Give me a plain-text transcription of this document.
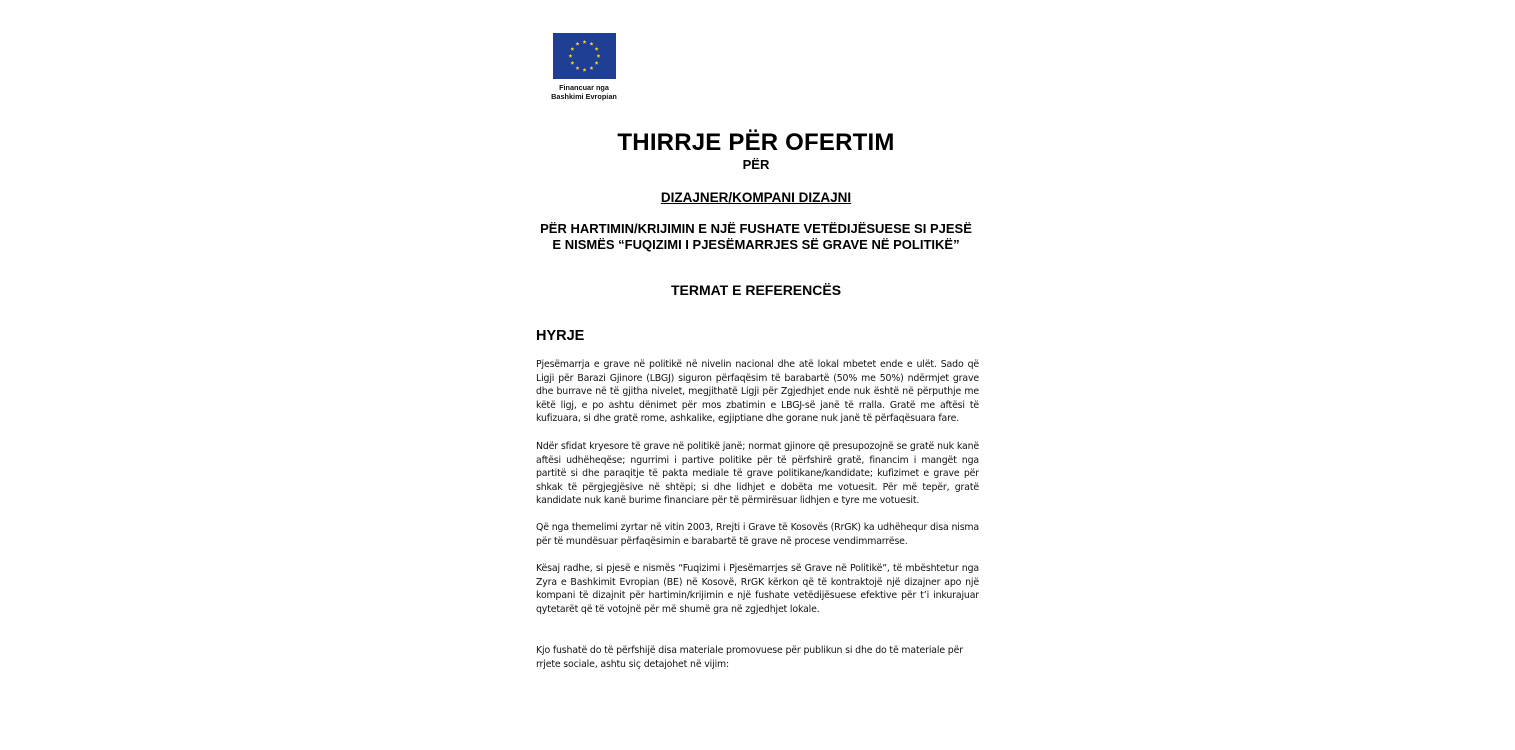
Financuar nga
Bashkimi Evropian
THIRRJE PËR OFERTIM
PËR
DIZAJNER/KOMPANI DIZAJNI
PËR HARTIMIN/KRIJIMIN E NJË FUSHATE VETËDIJËSUESE SI PJESË
E NISMËS “FUQIZIMI I PJESËMARRJES SË GRAVE NË POLITIKË”
TERMAT E REFERENCËS
HYRJE

Pjesëmarrja e grave në politikë në nivelin nacional dhe atë lokal mbetet ende e ulët. Sado që Ligji për Barazi Gjinore (LBGJ) siguron përfaqësim të barabartë (50% me 50%) ndërmjet grave dhe burrave në të gjitha nivelet, megjithatë Ligji për Zgjedhjet ende nuk është në përputhje me këtë ligj, e po ashtu dënimet për mos zbatimin e LBGJ-së janë të rralla. Gratë me aftësi të kufizuara, si dhe gratë rome, ashkalike, egjiptiane dhe gorane nuk janë të përfaqësuara fare.

Ndër sfidat kryesore të grave në politikë janë; normat gjinore që presupozojnë se gratë nuk kanë aftësi udhëheqëse; ngurrimi i partive politike për të përfshirë gratë, financim i mangët nga partitë si dhe paraqitje të pakta mediale të grave politikane/kandidate; kufizimet e grave për shkak të përgjegjësive në shtëpi; si dhe lidhjet e dobëta me votuesit. Për më tepër, gratë kandidate nuk kanë burime financiare për të përmirësuar lidhjen e tyre me votuesit.

Që nga themelimi zyrtar në vitin 2003, Rrejti i Grave të Kosovës (RrGK) ka udhëhequr disa nisma për të mundësuar përfaqësimin e barabartë të grave në procese vendimmarrëse.

Kësaj radhe, si pjesë e nismës “Fuqizimi i Pjesëmarrjes së Grave në Politikë”, të mbështetur nga Zyra e Bashkimit Evropian (BE) në Kosovë, RrGK kërkon që të kontraktojë një dizajner apo një kompani të dizajnit për hartimin/krijimin e një fushate vetëdijësuese efektive për t’i inkurajuar qytetarët që të votojnë për më shumë gra në zgjedhjet lokale.

Kjo fushatë do të përfshijë disa materiale promovuese për publikun si dhe do të materiale për rrjete sociale, ashtu siç detajohet në vijim:
